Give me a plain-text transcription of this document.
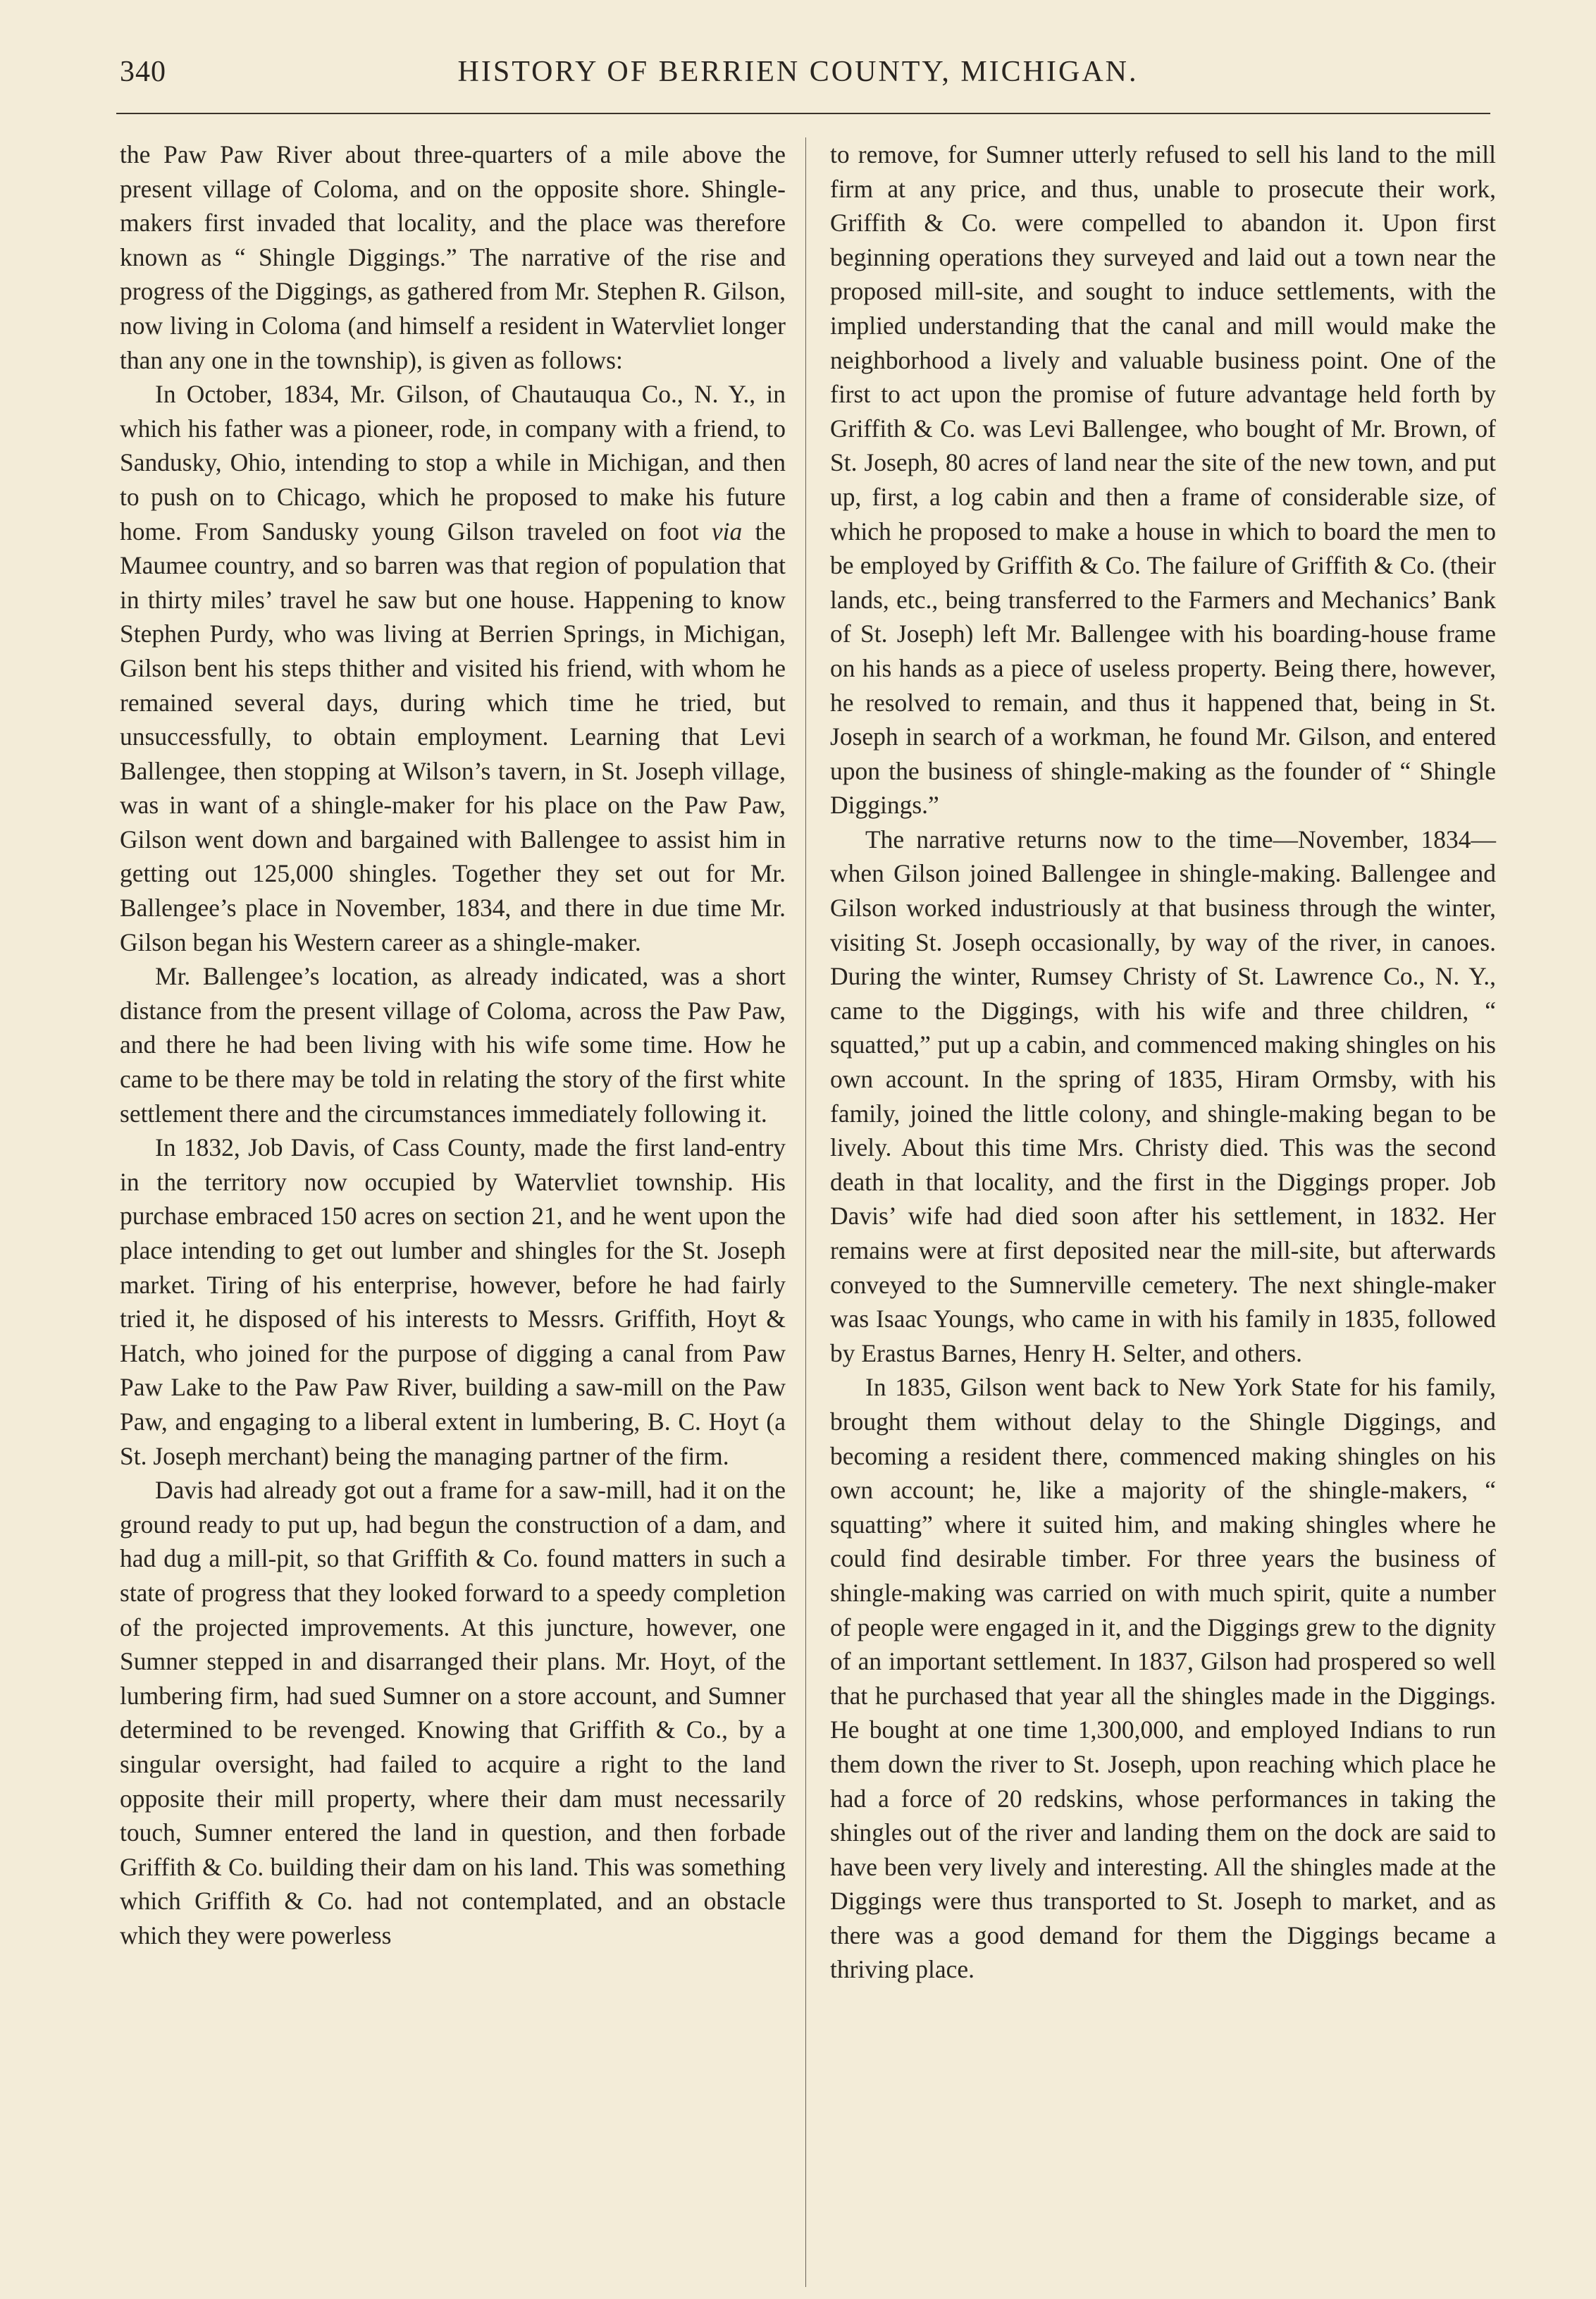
340	HISTORY OF BERRIEN COUNTY, MICHIGAN.

the Paw Paw River about three-quarters of a mile above the present village of Coloma, and on the opposite shore. Shingle-makers first invaded that locality, and the place was therefore known as “ Shingle Diggings.” The narrative of the rise and progress of the Diggings, as gathered from Mr. Stephen R. Gilson, now living in Coloma (and himself a resident in Watervliet longer than any one in the township), is given as follows:

In October, 1834, Mr. Gilson, of Chautauqua Co., N. Y., in which his father was a pioneer, rode, in company with a friend, to Sandusky, Ohio, intending to stop a while in Michigan, and then to push on to Chicago, which he proposed to make his future home. From Sandusky young Gilson traveled on foot via the Maumee country, and so barren was that region of population that in thirty miles’ travel he saw but one house. Happening to know Stephen Purdy, who was living at Berrien Springs, in Michigan, Gilson bent his steps thither and visited his friend, with whom he remained several days, during which time he tried, but unsuccessfully, to obtain employment. Learning that Levi Ballengee, then stopping at Wilson’s tavern, in St. Joseph village, was in want of a shingle-maker for his place on the Paw Paw, Gilson went down and bargained with Ballengee to assist him in getting out 125,000 shingles. Together they set out for Mr. Ballengee’s place in November, 1834, and there in due time Mr. Gilson began his Western career as a shingle-maker.

Mr. Ballengee’s location, as already indicated, was a short distance from the present village of Coloma, across the Paw Paw, and there he had been living with his wife some time. How he came to be there may be told in relating the story of the first white settlement there and the circumstances immediately following it.

In 1832, Job Davis, of Cass County, made the first land-entry in the territory now occupied by Watervliet township. His purchase embraced 150 acres on section 21, and he went upon the place intending to get out lumber and shingles for the St. Joseph market. Tiring of his enterprise, however, before he had fairly tried it, he disposed of his interests to Messrs. Griffith, Hoyt & Hatch, who joined for the purpose of digging a canal from Paw Paw Lake to the Paw Paw River, building a saw-mill on the Paw Paw, and engaging to a liberal extent in lumbering, B. C. Hoyt (a St. Joseph merchant) being the managing partner of the firm.

Davis had already got out a frame for a saw-mill, had it on the ground ready to put up, had begun the construction of a dam, and had dug a mill-pit, so that Griffith & Co. found matters in such a state of progress that they looked forward to a speedy completion of the projected improvements. At this juncture, however, one Sumner stepped in and disarranged their plans. Mr. Hoyt, of the lumbering firm, had sued Sumner on a store account, and Sumner determined to be revenged. Knowing that Griffith & Co., by a singular oversight, had failed to acquire a right to the land opposite their mill property, where their dam must necessarily touch, Sumner entered the land in question, and then forbade Griffith & Co. building their dam on his land. This was something which Griffith & Co. had not contemplated, and an obstacle which they were powerless

to remove, for Sumner utterly refused to sell his land to the mill firm at any price, and thus, unable to prosecute their work, Griffith & Co. were compelled to abandon it. Upon first beginning operations they surveyed and laid out a town near the proposed mill-site, and sought to induce settlements, with the implied understanding that the canal and mill would make the neighborhood a lively and valuable business point. One of the first to act upon the promise of future advantage held forth by Griffith & Co. was Levi Ballengee, who bought of Mr. Brown, of St. Joseph, 80 acres of land near the site of the new town, and put up, first, a log cabin and then a frame of considerable size, of which he proposed to make a house in which to board the men to be employed by Griffith & Co. The failure of Griffith & Co. (their lands, etc., being transferred to the Farmers and Mechanics’ Bank of St. Joseph) left Mr. Ballengee with his boarding-house frame on his hands as a piece of useless property. Being there, however, he resolved to remain, and thus it happened that, being in St. Joseph in search of a workman, he found Mr. Gilson, and entered upon the business of shingle-making as the founder of “ Shingle Diggings.”

The narrative returns now to the time—November, 1834—when Gilson joined Ballengee in shingle-making. Ballengee and Gilson worked industriously at that business through the winter, visiting St. Joseph occasionally, by way of the river, in canoes. During the winter, Rumsey Christy of St. Lawrence Co., N. Y., came to the Diggings, with his wife and three children, “ squatted,” put up a cabin, and commenced making shingles on his own account. In the spring of 1835, Hiram Ormsby, with his family, joined the little colony, and shingle-making began to be lively. About this time Mrs. Christy died. This was the second death in that locality, and the first in the Diggings proper. Job Davis’ wife had died soon after his settlement, in 1832. Her remains were at first deposited near the mill-site, but afterwards conveyed to the Sumnerville cemetery. The next shingle-maker was Isaac Youngs, who came in with his family in 1835, followed by Erastus Barnes, Henry H. Selter, and others.

In 1835, Gilson went back to New York State for his family, brought them without delay to the Shingle Diggings, and becoming a resident there, commenced making shingles on his own account; he, like a majority of the shingle-makers, “ squatting” where it suited him, and making shingles where he could find desirable timber. For three years the business of shingle-making was carried on with much spirit, quite a number of people were engaged in it, and the Diggings grew to the dignity of an important settlement. In 1837, Gilson had prospered so well that he purchased that year all the shingles made in the Diggings. He bought at one time 1,300,000, and employed Indians to run them down the river to St. Joseph, upon reaching which place he had a force of 20 redskins, whose performances in taking the shingles out of the river and landing them on the dock are said to have been very lively and interesting. All the shingles made at the Diggings were thus transported to St. Joseph to market, and as there was a good demand for them the Diggings became a thriving place.
